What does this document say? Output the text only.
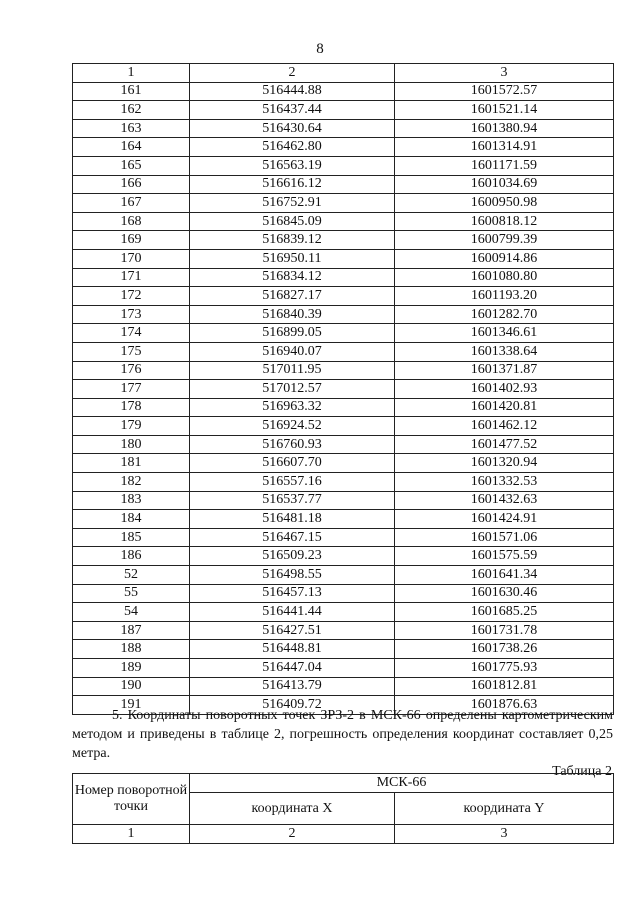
8
1	2	3
161	516444.88	1601572.57
162	516437.44	1601521.14
163	516430.64	1601380.94
164	516462.80	1601314.91
165	516563.19	1601171.59
166	516616.12	1601034.69
167	516752.91	1600950.98
168	516845.09	1600818.12
169	516839.12	1600799.39
170	516950.11	1600914.86
171	516834.12	1601080.80
172	516827.17	1601193.20
173	516840.39	1601282.70
174	516899.05	1601346.61
175	516940.07	1601338.64
176	517011.95	1601371.87
177	517012.57	1601402.93
178	516963.32	1601420.81
179	516924.52	1601462.12
180	516760.93	1601477.52
181	516607.70	1601320.94
182	516557.16	1601332.53
183	516537.77	1601432.63
184	516481.18	1601424.91
185	516467.15	1601571.06
186	516509.23	1601575.59
52	516498.55	1601641.34
55	516457.13	1601630.46
54	516441.44	1601685.25
187	516427.51	1601731.78
188	516448.81	1601738.26
189	516447.04	1601775.93
190	516413.79	1601812.81
191	516409.72	1601876.63

5. Координаты поворотных точек ЗРЗ-2 в МСК-66 определены картометрическим методом и приведены в таблице 2, погрешность определения координат составляет 0,25 метра.

Таблица 2
Номер поворотной точки	МСК-66	
	координата X	координата Y
1	2	3
